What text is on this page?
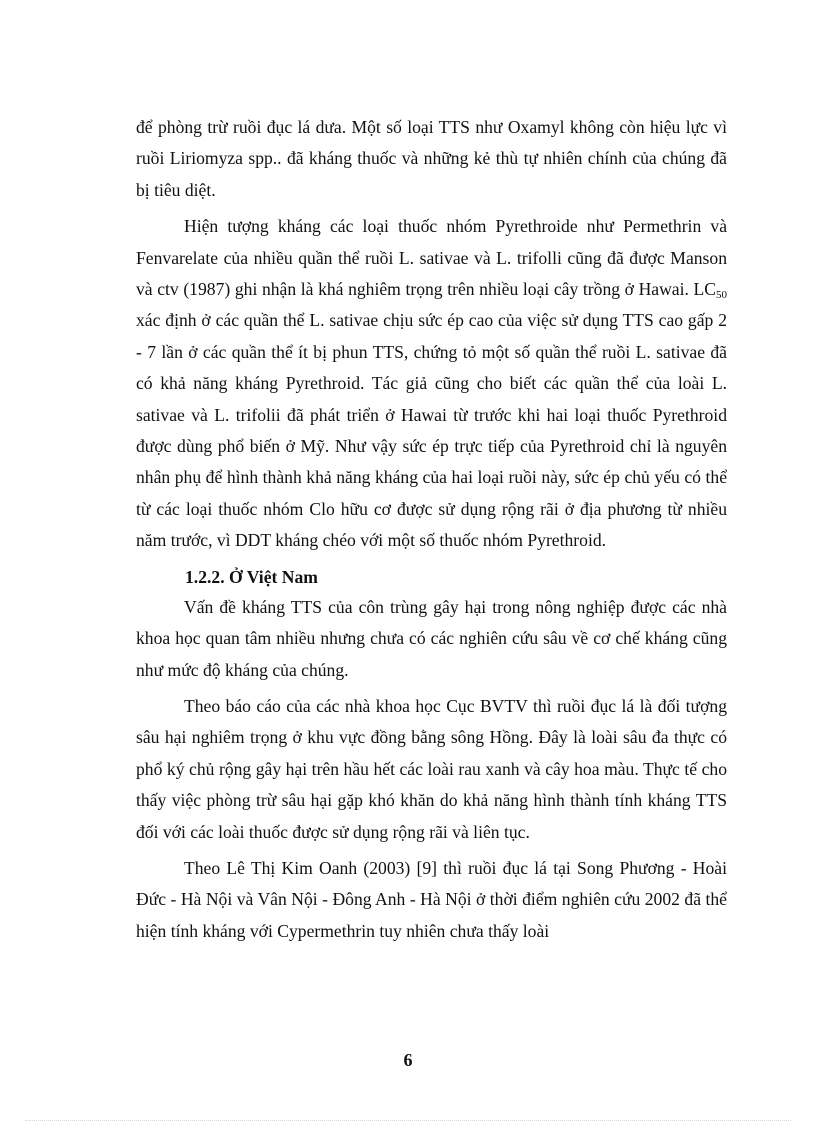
để phòng trừ ruồi đục lá dưa. Một số loại TTS như Oxamyl không còn hiệu lực vì ruồi Liriomyza spp.. đã kháng thuốc và những kẻ thù tự nhiên chính của chúng đã bị tiêu diệt.

Hiện tượng kháng các loại thuốc nhóm Pyrethroide như Permethrin và Fenvarelate của nhiều quần thể ruồi L. sativae và L. trifolli cũng đã được Manson và ctv (1987) ghi nhận là khá nghiêm trọng trên nhiều loại cây trồng ở Hawai. $LC_{50}$ xác định ở các quần thể L. sativae chịu sức ép cao của việc sử dụng TTS cao gấp 2 - 7 lần ở các quần thể ít bị phun TTS, chứng tỏ một số quần thể ruồi L. sativae đã có khả năng kháng Pyrethroid. Tác giả cũng cho biết các quần thể của loài L. sativae và L. trifolii đã phát triển ở Hawai từ trước khi hai loại thuốc Pyrethroid được dùng phổ biến ở Mỹ. Như vậy sức ép trực tiếp của Pyrethroid chỉ là nguyên nhân phụ để hình thành khả năng kháng của hai loại ruồi này, sức ép chủ yếu có thể từ các loại thuốc nhóm Clo hữu cơ được sử dụng rộng rãi ở địa phương từ nhiều năm trước, vì DDT kháng chéo với một số thuốc nhóm Pyrethroid.

1.2.2. Ở Việt Nam

Vấn đề kháng TTS của côn trùng gây hại trong nông nghiệp được các nhà khoa học quan tâm nhiều nhưng chưa có các nghiên cứu sâu về cơ chế kháng cũng như mức độ kháng của chúng.

Theo báo cáo của các nhà khoa học Cục BVTV thì ruồi đục lá là đối tượng sâu hại nghiêm trọng ở khu vực đồng bằng sông Hồng. Đây là loài sâu đa thực có phổ ký chủ rộng gây hại trên hầu hết các loài rau xanh và cây hoa màu. Thực tế cho thấy việc phòng trừ sâu hại gặp khó khăn do khả năng hình thành tính kháng TTS đối với các loài thuốc được sử dụng rộng rãi và liên tục.

Theo Lê Thị Kim Oanh (2003) [9] thì ruồi đục lá tại Song Phương - Hoài Đức - Hà Nội và Vân Nội - Đông Anh - Hà Nội ở thời điểm nghiên cứu 2002 đã thể hiện tính kháng với Cypermethrin tuy nhiên chưa thấy loài

6
